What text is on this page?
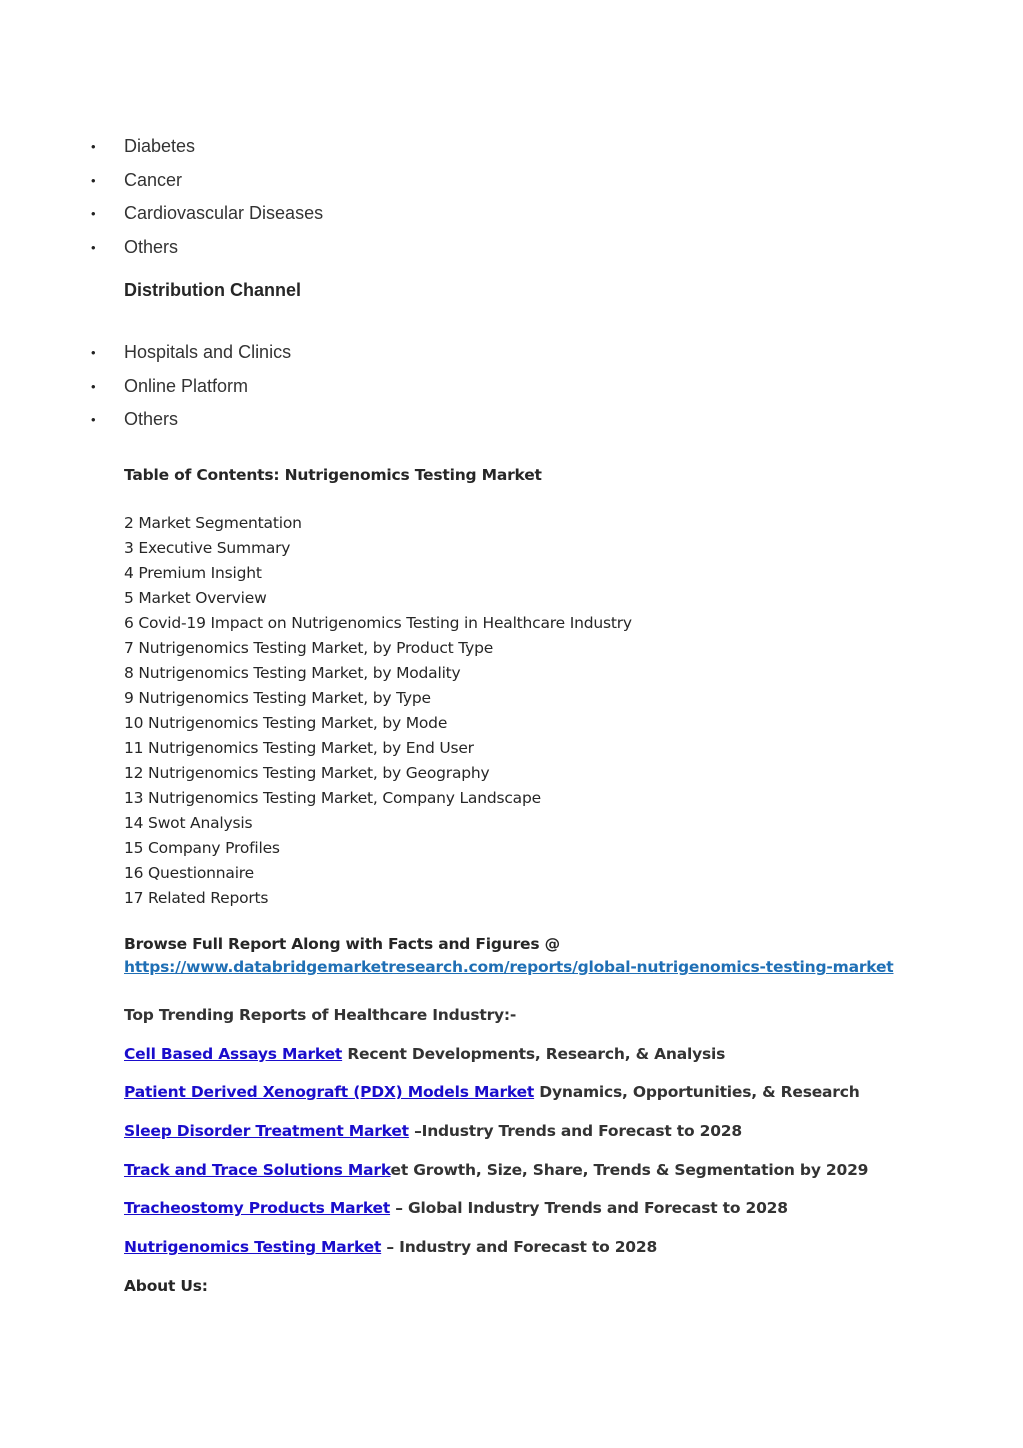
•	Diabetes
•	Cancer
•	Cardiovascular Diseases
•	Others
Distribution Channel
•	Hospitals and Clinics
•	Online Platform
•	Others
Table of Contents: Nutrigenomics Testing Market
2 Market Segmentation
3 Executive Summary
4 Premium Insight
5 Market Overview
6 Covid-19 Impact on Nutrigenomics Testing in Healthcare Industry
7 Nutrigenomics Testing Market, by Product Type
8 Nutrigenomics Testing Market, by Modality
9 Nutrigenomics Testing Market, by Type
10 Nutrigenomics Testing Market, by Mode
11 Nutrigenomics Testing Market, by End User
12 Nutrigenomics Testing Market, by Geography
13 Nutrigenomics Testing Market, Company Landscape
14 Swot Analysis
15 Company Profiles
16 Questionnaire
17 Related Reports
Browse Full Report Along with Facts and Figures @
https://www.databridgemarketresearch.com/reports/global-nutrigenomics-testing-market
Top Trending Reports of Healthcare Industry:-
Cell Based Assays Market Recent Developments, Research, & Analysis
Patient Derived Xenograft (PDX) Models Market Dynamics, Opportunities, & Research
Sleep Disorder Treatment Market –Industry Trends and Forecast to 2028
Track and Trace Solutions Market Growth, Size, Share, Trends & Segmentation by 2029
Tracheostomy Products Market – Global Industry Trends and Forecast to 2028
Nutrigenomics Testing Market – Industry and Forecast to 2028
About Us:
